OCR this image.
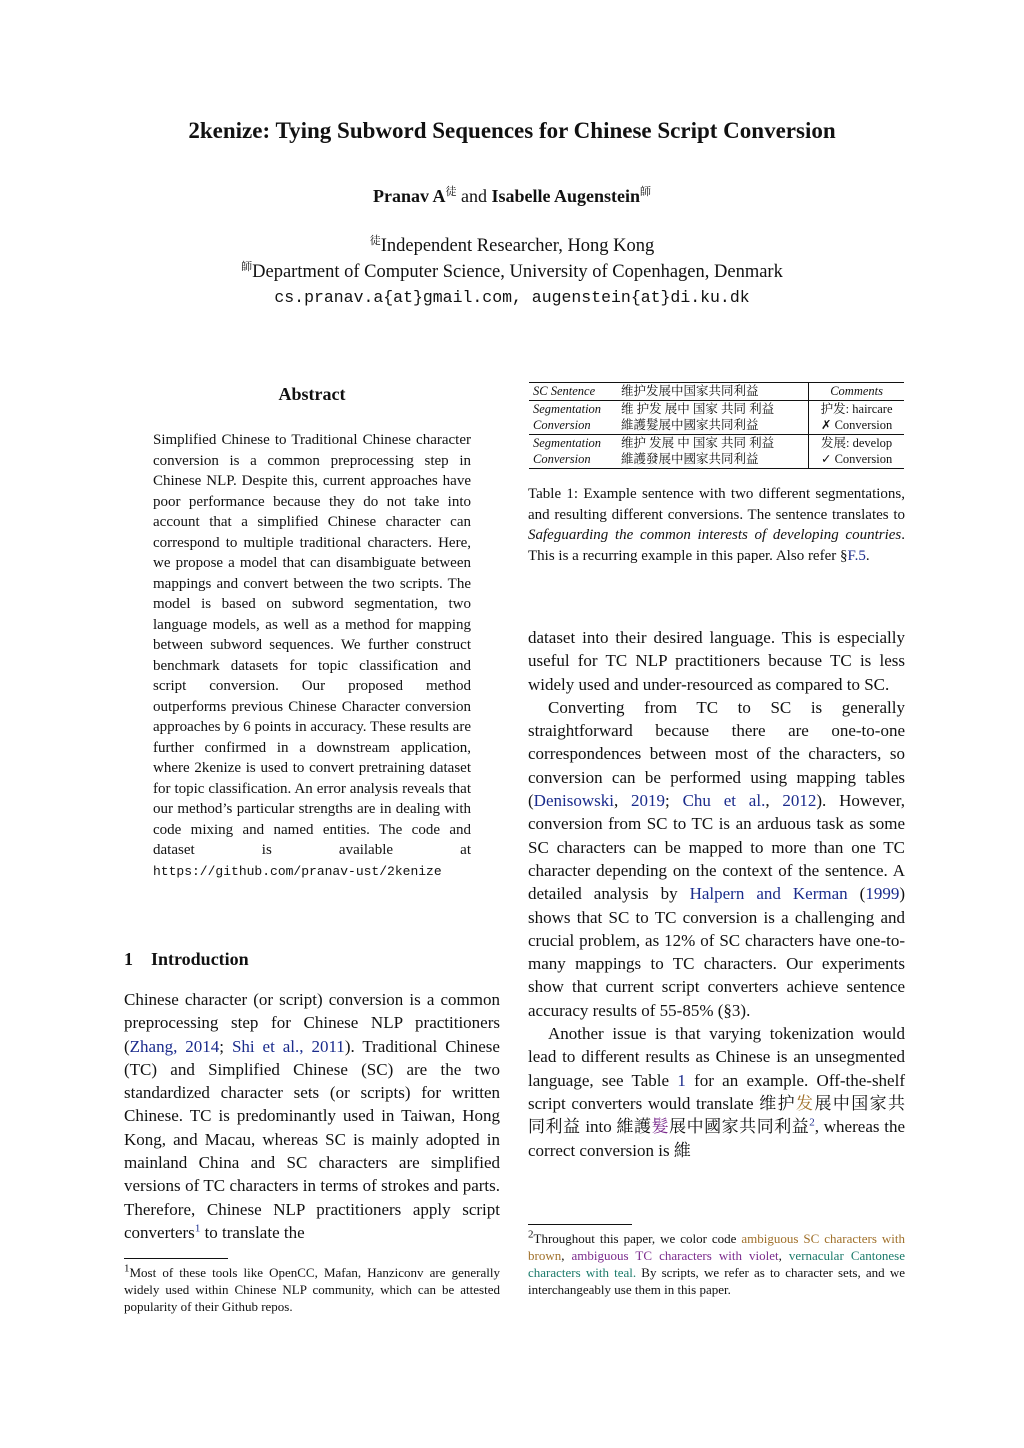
2kenize: Tying Subword Sequences for Chinese Script Conversion
Pranav $A^徒$ and Isabelle Augenstein$^師$
$^徒$Independent Researcher, Hong Kong
$^師$Department of Computer Science, University of Copenhagen, Denmark
cs.pranav.a{at}gmail.com, augenstein{at}di.ku.dk
Abstract
Simplified Chinese to Traditional Chinese character conversion is a common preprocessing step in Chinese NLP. Despite this, current approaches have poor performance because they do not take into account that a simplified Chinese character can correspond to multiple traditional characters. Here, we propose a model that can disambiguate between mappings and convert between the two scripts. The model is based on subword segmentation, two language models, as well as a method for mapping between subword sequences. We further construct benchmark datasets for topic classification and script conversion. Our proposed method outperforms previous Chinese Character conversion approaches by 6 points in accuracy. These results are further confirmed in a downstream application, where 2kenize is used to convert pretraining dataset for topic classification. An error analysis reveals that our method’s particular strengths are in dealing with code mixing and named entities. The code and dataset is available at https://github.com/pranav-ust/2kenize
1 Introduction
Chinese character (or script) conversion is a common preprocessing step for Chinese NLP practitioners (Zhang, 2014; Shi et al., 2011). Traditional Chinese (TC) and Simplified Chinese (SC) are the two standardized character sets (or scripts) for written Chinese. TC is predominantly used in Taiwan, Hong Kong, and Macau, whereas SC is mainly adopted in mainland China and SC characters are simplified versions of TC characters in terms of strokes and parts. Therefore, Chinese NLP practitioners apply script converters$^1$ to translate the
$^1$Most of these tools like OpenCC, Mafan, Hanziconv are generally widely used within Chinese NLP community, which can be attested popularity of their Github repos.
SC Sentence	维护发展中国家共同利益	Comments
Segmentation	维 护发 展中 国家 共同 利益	护发: haircare
Conversion	維護髮展中國家共同利益	✗ Conversion
Segmentation	维护 发展 中 国家 共同 利益	发展: develop
Conversion	維護發展中國家共同利益	✓ Conversion
Table 1: Example sentence with two different segmentations, and resulting different conversions. The sentence translates to Safeguarding the common interests of developing countries. This is a recurring example in this paper. Also refer §F.5.

dataset into their desired language. This is especially useful for TC NLP practitioners because TC is less widely used and under-resourced as compared to SC.

Converting from TC to SC is generally straightforward because there are one-to-one correspondences between most of the characters, so conversion can be performed using mapping tables (Denisowski, 2019; Chu et al., 2012). However, conversion from SC to TC is an arduous task as some SC characters can be mapped to more than one TC character depending on the context of the sentence. A detailed analysis by Halpern and Kerman (1999) shows that SC to TC conversion is a challenging and crucial problem, as 12% of SC characters have one-to-many mappings to TC characters. Our experiments show that current script converters achieve sentence accuracy results of 55-85% (§3).

Another issue is that varying tokenization would lead to different results as Chinese is an unsegmented language, see Table 1 for an example. Off-the-shelf script converters would translate 维护发展中国家共同利益 into 維護髮展中國家共同利益$^2$, whereas the correct conversion is 維

$^2$Throughout this paper, we color code ambiguous SC characters with brown, ambiguous TC characters with violet, vernacular Cantonese characters with teal. By scripts, we refer as to character sets, and we interchangeably use them in this paper.
